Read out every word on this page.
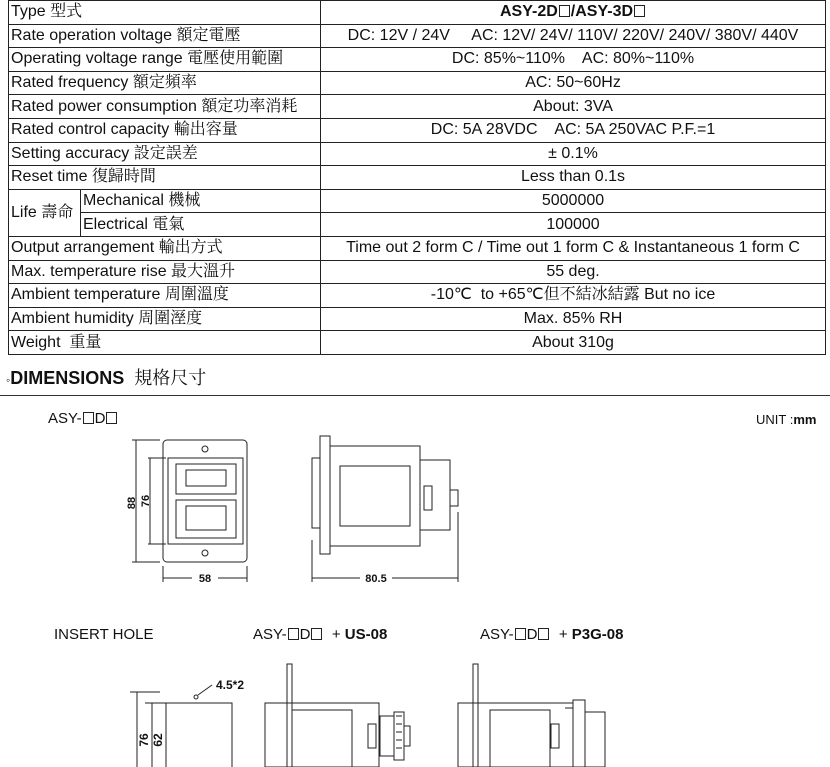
Type 型式		ASY-2D /ASY-3D
Rate operation voltage 額定電壓		DC: 12V / 24V     AC: 12V/ 24V/ 110V/ 220V/ 240V/ 380V/ 440V
Operating voltage range 電壓使用範圍		DC: 85%~110%    AC: 80%~110%
Rated frequency 額定頻率		AC: 50~60Hz
Rated power consumption 額定功率消耗		About: 3VA
Rated control capacity 輸出容量		DC: 5A 28VDC    AC: 5A 250VAC P.F.=1
Setting accuracy 設定誤差		± 0.1%
Reset time 復歸時間		Less than 0.1s
Life 壽命	Mechanical 機械	5000000
	Electrical 電氣	100000
Output arrangement 輸出方式		Time out 2 form C / Time out 1 form C & Instantaneous 1 form C
Max. temperature rise 最大溫升		55 deg.
Ambient temperature 周圍溫度		-10℃  to +65℃但不結冰結露 But no ice
Ambient humidity 周圍溼度		Max. 85% RH
Weight  重量		About 310g
◦DIMENSIONS 規格尺寸
ASY- D	UNIT :mm
INSERT HOLE	ASY- D + US-08	ASY- D + P3G-08
88 76
58	80.5
4.5*2
76 62
